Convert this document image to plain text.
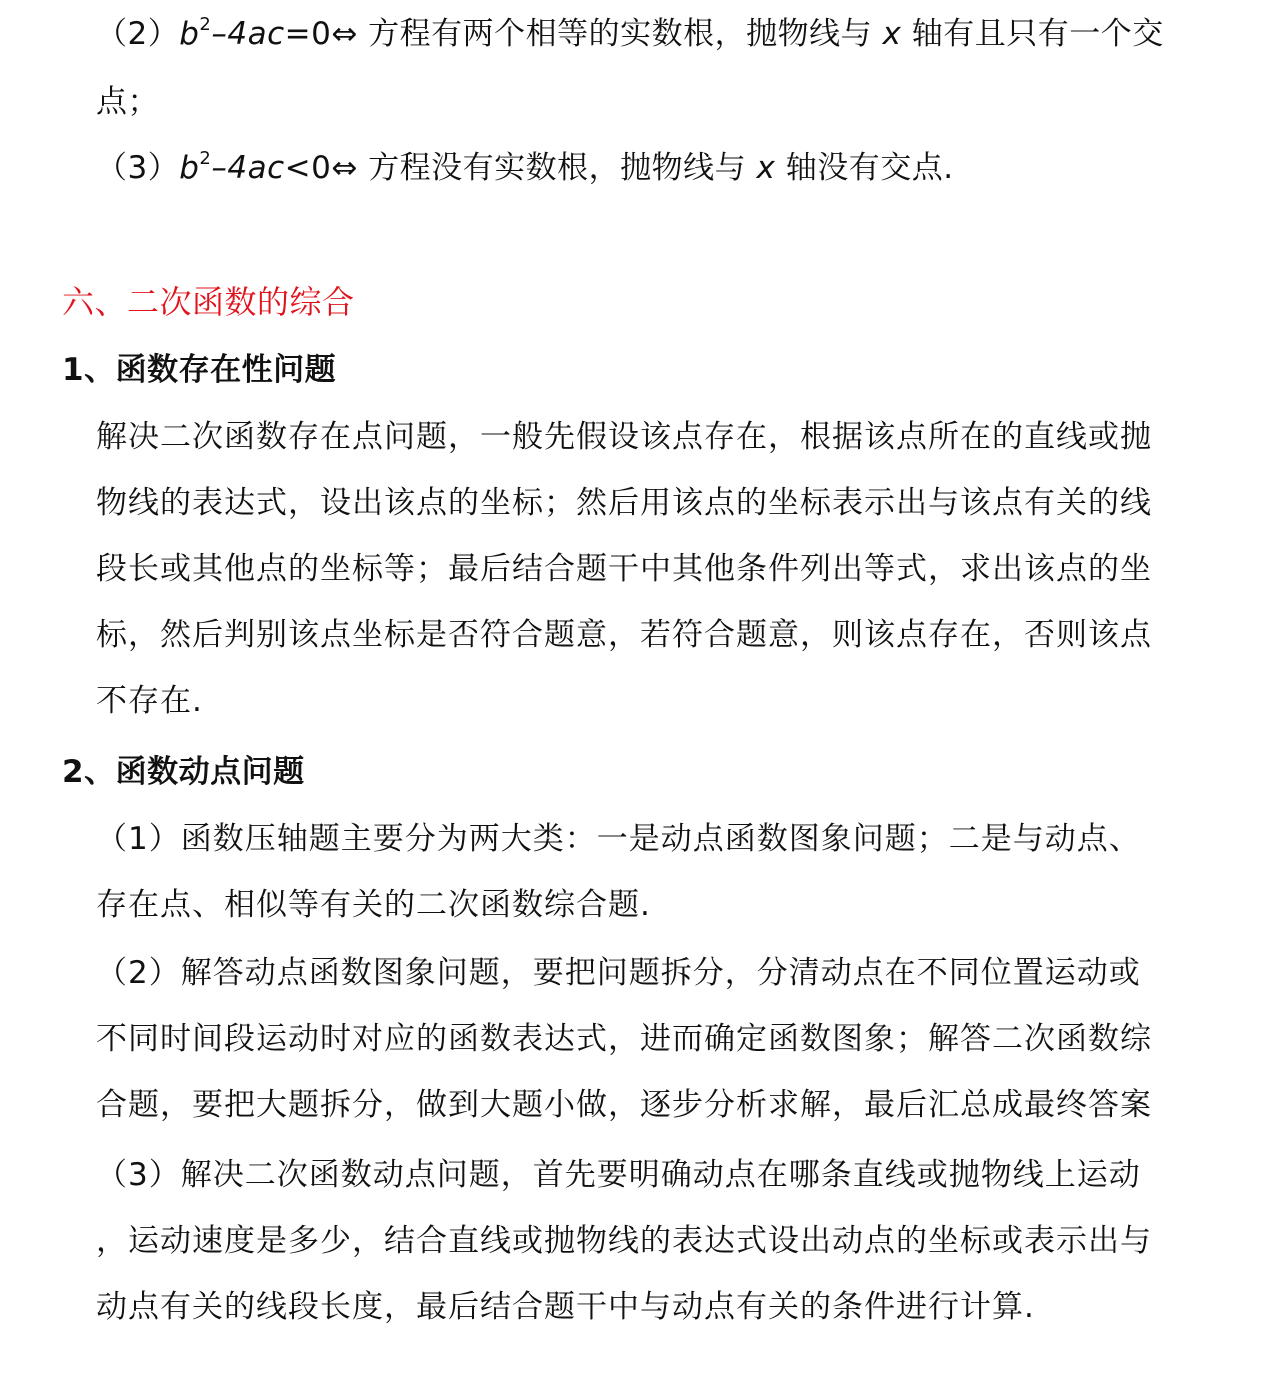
$(2)b^2-4ac=0\Leftrightarrow$ 方程有两个相等的实数根，抛物线与 x 轴有且只有一个交
点；
$(3)b^2-4ac<0\Leftrightarrow$ 方程没有实数根，抛物线与 x 轴没有交点.
六、二次函数的综合
1、函数存在性问题
解决二次函数存在点问题，一般先假设该点存在，根据该点所在的直线或抛
物线的表达式，设出该点的坐标；然后用该点的坐标表示出与该点有关的线
段长或其他点的坐标等；最后结合题干中其他条件列出等式，求出该点的坐
标，然后判别该点坐标是否符合题意，若符合题意，则该点存在，否则该点
不存在.
2、函数动点问题
（1）函数压轴题主要分为两大类：一是动点函数图象问题；二是与动点、
存在点、相似等有关的二次函数综合题.
（2）解答动点函数图象问题，要把问题拆分，分清动点在不同位置运动或
不同时间段运动时对应的函数表达式，进而确定函数图象；解答二次函数综
合题，要把大题拆分，做到大题小做，逐步分析求解，最后汇总成最终答案
（3）解决二次函数动点问题，首先要明确动点在哪条直线或抛物线上运动
，运动速度是多少，结合直线或抛物线的表达式设出动点的坐标或表示出与
动点有关的线段长度，最后结合题干中与动点有关的条件进行计算.
